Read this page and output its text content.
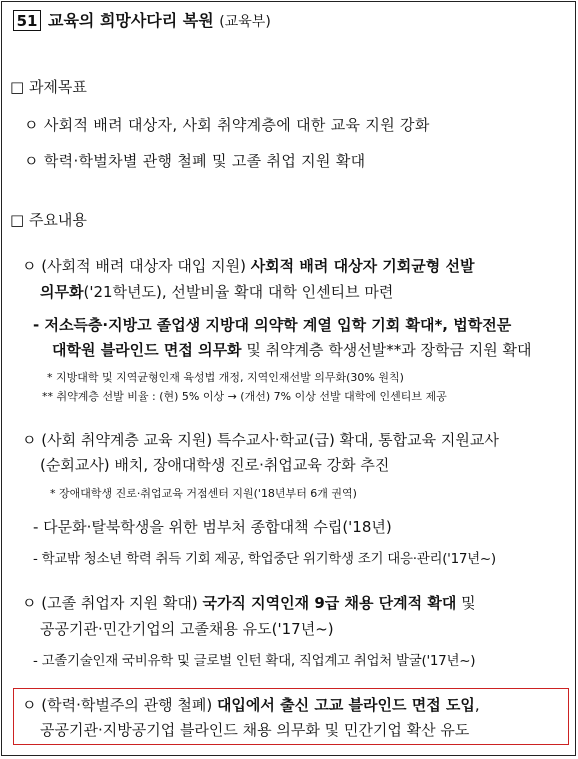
51 교육의 희망사다리 복원 (교육부)
□ 과제목표
ㅇ 사회적 배려 대상자, 사회 취약계층에 대한 교육 지원 강화
ㅇ 학력·학벌차별 관행 철폐 및 고졸 취업 지원 확대
□ 주요내용
ㅇ (사회적 배려 대상자 대입 지원) 사회적 배려 대상자 기회균형 선발
의무화('21학년도), 선발비율 확대 대학 인센티브 마련
- 저소득층·지방고 졸업생 지방대 의약학 계열 입학 기회 확대*, 법학전문
대학원 블라인드 면접 의무화 및 취약계층 학생선발**과 장학금 지원 확대
* 지방대학 및 지역균형인재 육성법 개정, 지역인재선발 의무화(30% 원칙)
** 취약계층 선발 비율 : (현) 5% 이상 → (개선) 7% 이상 선발 대학에 인센티브 제공
ㅇ (사회 취약계층 교육 지원) 특수교사·학교(급) 확대, 통합교육 지원교사
(순회교사) 배치, 장애대학생 진로·취업교육 강화 추진
* 장애대학생 진로·취업교육 거점센터 지원('18년부터 6개 권역)
- 다문화·탈북학생을 위한 범부처 종합대책 수립('18년)
- 학교밖 청소년 학력 취득 기회 제공, 학업중단 위기학생 조기 대응·관리('17년~)
ㅇ (고졸 취업자 지원 확대) 국가직 지역인재 9급 채용 단계적 확대 및
공공기관·민간기업의 고졸채용 유도('17년~)
- 고졸기술인재 국비유학 및 글로벌 인턴 확대, 직업계고 취업처 발굴('17년~)
ㅇ (학력·학벌주의 관행 철폐) 대입에서 출신 고교 블라인드 면접 도입,
공공기관·지방공기업 블라인드 채용 의무화 및 민간기업 확산 유도
